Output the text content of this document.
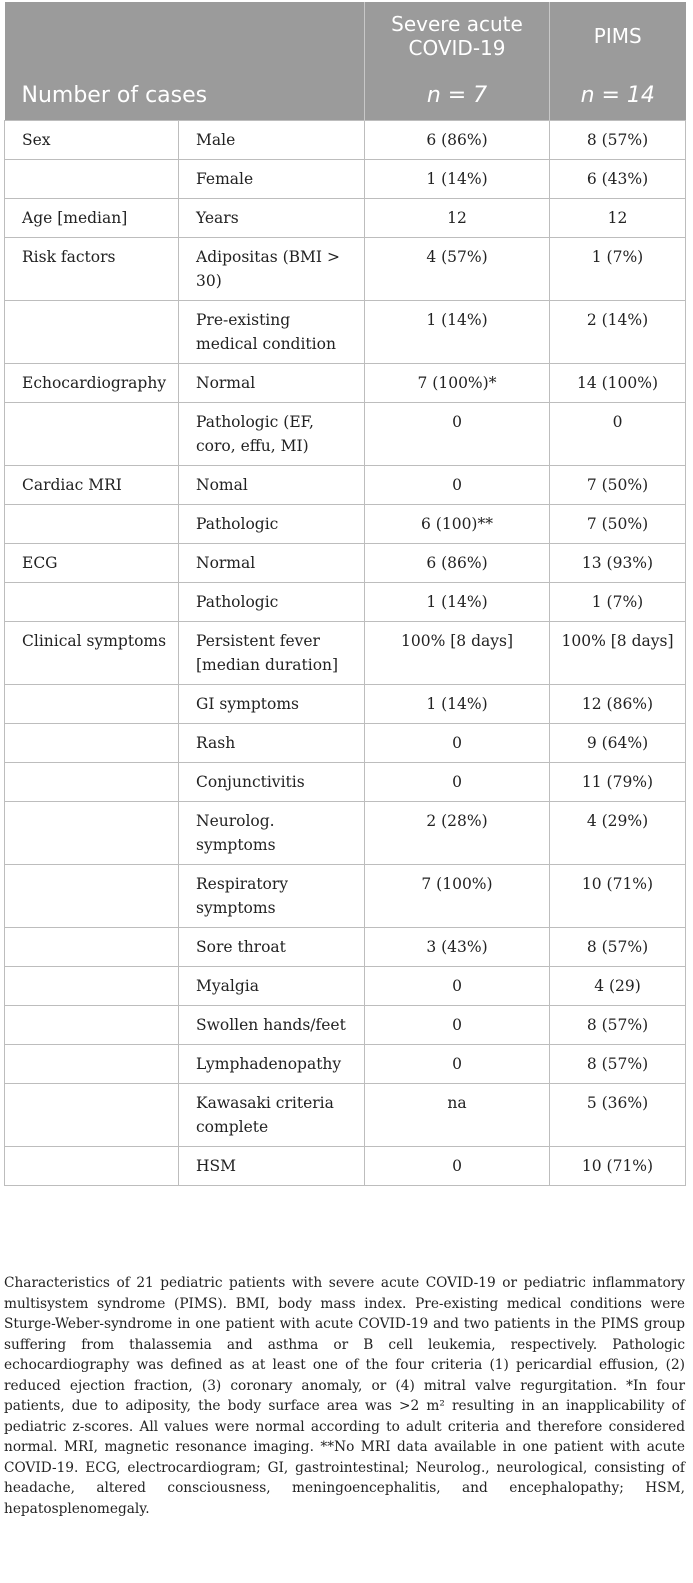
		Severe acute COVID-19	PIMS
Number of cases		n = 7	n = 14
Sex	Male	6 (86%)	8 (57%)
	Female	1 (14%)	6 (43%)
Age [median]	Years	12	12
Risk factors	Adipositas (BMI > 30)	4 (57%)	1 (7%)
	Pre-existing medical condition	1 (14%)	2 (14%)
Echocardiography	Normal	7 (100%)*	14 (100%)
	Pathologic (EF, coro, effu, MI)	0	0
Cardiac MRI	Nomal	0	7 (50%)
	Pathologic	6 (100)**	7 (50%)
ECG	Normal	6 (86%)	13 (93%)
	Pathologic	1 (14%)	1 (7%)
Clinical symptoms	Persistent fever [median duration]	100% [8 days]	100% [8 days]
	GI symptoms	1 (14%)	12 (86%)
	Rash	0	9 (64%)
	Conjunctivitis	0	11 (79%)
	Neurolog. symptoms	2 (28%)	4 (29%)
	Respiratory symptoms	7 (100%)	10 (71%)
	Sore throat	3 (43%)	8 (57%)
	Myalgia	0	4 (29)
	Swollen hands/feet	0	8 (57%)
	Lymphadenopathy	0	8 (57%)
	Kawasaki criteria complete	na	5 (36%)
	HSM	0	10 (71%)
Characteristics of 21 pediatric patients with severe acute COVID-19 or pediatric inflammatory multisystem syndrome (PIMS). BMI, body mass index. Pre-existing medical conditions were Sturge-Weber-syndrome in one patient with acute COVID-19 and two patients in the PIMS group suffering from thalassemia and asthma or B cell leukemia, respectively. Pathologic echocardiography was defined as at least one of the four criteria (1) pericardial effusion, (2) reduced ejection fraction, (3) coronary anomaly, or (4) mitral valve regurgitation. *In four patients, due to adiposity, the body surface area was >2 m² resulting in an inapplicability of pediatric z-scores. All values were normal according to adult criteria and therefore considered normal. MRI, magnetic resonance imaging. **No MRI data available in one patient with acute COVID-19. ECG, electrocardiogram; GI, gastrointestinal; Neurolog., neurological, consisting of headache, altered consciousness, meningoencephalitis, and encephalopathy; HSM, hepatosplenomegaly.
